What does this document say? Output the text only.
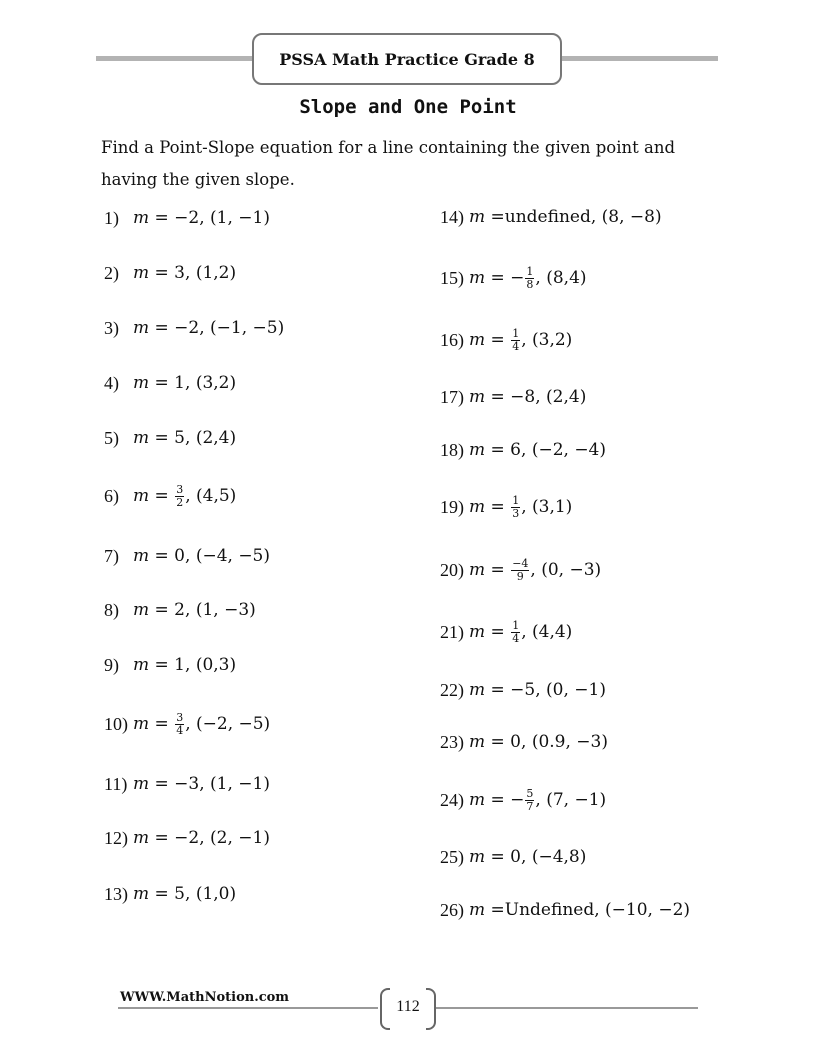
PSSA Math Practice Grade 8
Slope and One Point
Find a Point-Slope equation for a line containing the given point and having the given slope.
WWW.MathNotion.com
112
1) m = −2, (1, −1)
2) m = 3, (1,2)
3) m = −2, (−1, −5)
4) m = 1, (3,2)
5) m = 5, (2,4)
6) $m = \frac{3}{2}$ , (4,5)
7) m = 0, (−4, −5)
8) m = 2, (1, −3)
9) m = 1, (0,3)
10) $m = \frac{3}{4}$ , (−2, −5)
11) m = −3, (1, −1)
12) m = −2, (2, −1)
13) m = 5, (1,0)
14) m =undefined, (8, −8)
15) m = − $\frac{1}{8}$ , (8,4)
16) $m = \frac{1}{4}$ , (3,2)
17) m = −8, (2,4)
18) m = 6, (−2, −4)
19) $m = \frac{1}{3}$ , (3,1)
20) $m = \frac{-4}{9}$ , (0, −3)
21) $m = \frac{1}{4}$ , (4,4)
22) m = −5, (0, −1)
23) m = 0, (0.9, −3)
24) m = − $\frac{5}{7}$ , (7, −1)
25) m = 0, (−4,8)
26) m =Undefined, (−10, −2)
